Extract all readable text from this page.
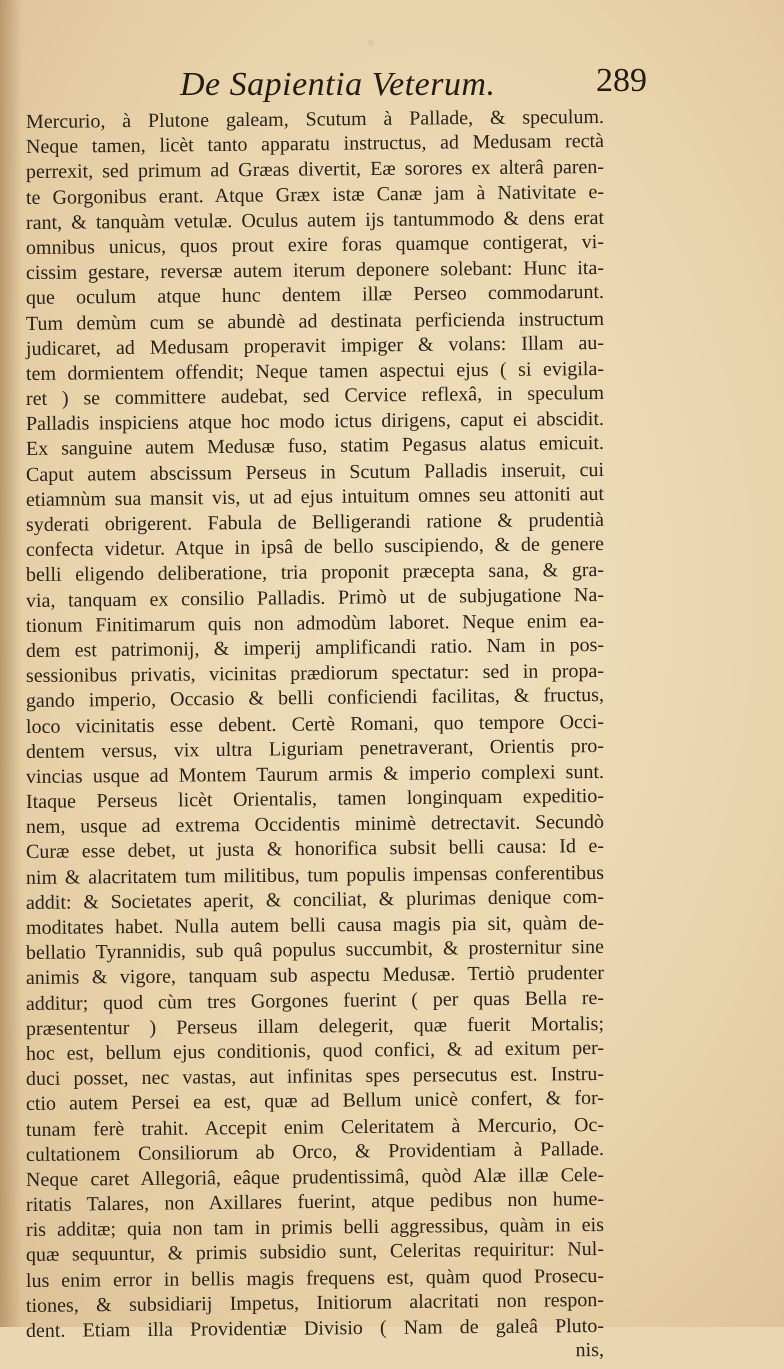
De Sapientia Veterum.	289
Mercurio, à Plutone galeam, Scutum à Pallade, & speculum.
Neque tamen, licèt tanto apparatu instructus, ad Medusam rectà
perrexit, sed primum ad Græas divertit, Eæ sorores ex alterâ paren-
te Gorgonibus erant. Atque Græx istæ Canæ jam à Nativitate e-
rant, & tanquàm vetulæ. Oculus autem ijs tantummodo & dens erat
omnibus unicus, quos prout exire foras quamque contigerat, vi-
cissim gestare, reversæ autem iterum deponere solebant: Hunc ita-
que oculum atque hunc dentem illæ Perseo commodarunt.
Tum demùm cum se abundè ad destinata perficienda instructum
judicaret, ad Medusam properavit impiger & volans: Illam au-
tem dormientem offendit; Neque tamen aspectui ejus ( si evigila-
ret ) se committere audebat, sed Cervice reflexâ, in speculum
Palladis inspiciens atque hoc modo ictus dirigens, caput ei abscidit.
Ex sanguine autem Medusæ fuso, statim Pegasus alatus emicuit.
Caput autem abscissum Perseus in Scutum Palladis inseruit, cui
etiamnùm sua mansit vis, ut ad ejus intuitum omnes seu attoniti aut
syderati obrigerent. Fabula de Belligerandi ratione & prudentià
confecta videtur. Atque in ipsâ de bello suscipiendo, & de genere
belli eligendo deliberatione, tria proponit præcepta sana, & gra-
via, tanquam ex consilio Palladis. Primò ut de subjugatione Na-
tionum Finitimarum quis non admodùm laboret. Neque enim ea-
dem est patrimonij, & imperij amplificandi ratio. Nam in pos-
sessionibus privatis, vicinitas prædiorum spectatur: sed in propa-
gando imperio, Occasio & belli conficiendi facilitas, & fructus,
loco vicinitatis esse debent. Certè Romani, quo tempore Occi-
dentem versus, vix ultra Liguriam penetraverant, Orientis pro-
vincias usque ad Montem Taurum armis & imperio complexi sunt.
Itaque Perseus licèt Orientalis, tamen longinquam expeditio-
nem, usque ad extrema Occidentis minimè detrectavit. Secundò
Curæ esse debet, ut justa & honorifica subsit belli causa: Id e-
nim & alacritatem tum militibus, tum populis impensas conferentibus
addit: & Societates aperit, & conciliat, & plurimas denique com-
moditates habet. Nulla autem belli causa magis pia sit, quàm de-
bellatio Tyrannidis, sub quâ populus succumbit, & prosternitur sine
animis & vigore, tanquam sub aspectu Medusæ. Tertiò prudenter
additur; quod cùm tres Gorgones fuerint ( per quas Bella re-
præsententur ) Perseus illam delegerit, quæ fuerit Mortalis;
hoc est, bellum ejus conditionis, quod confici, & ad exitum per-
duci posset, nec vastas, aut infinitas spes persecutus est. Instru-
ctio autem Persei ea est, quæ ad Bellum unicè confert, & for-
tunam ferè trahit. Accepit enim Celeritatem à Mercurio, Oc-
cultationem Consiliorum ab Orco, & Providentiam à Pallade.
Neque caret Allegoriâ, eâque prudentissimâ, quòd Alæ illæ Cele-
ritatis Talares, non Axillares fuerint, atque pedibus non hume-
ris additæ; quia non tam in primis belli aggressibus, quàm in eis
quæ sequuntur, & primis subsidio sunt, Celeritas requiritur: Nul-
lus enim error in bellis magis frequens est, quàm quod Prosecu-
tiones, & subsidiarij Impetus, Initiorum alacritati non respon-
dent. Etiam illa Providentiæ Divisio ( Nam de galeâ Pluto-
nis,
